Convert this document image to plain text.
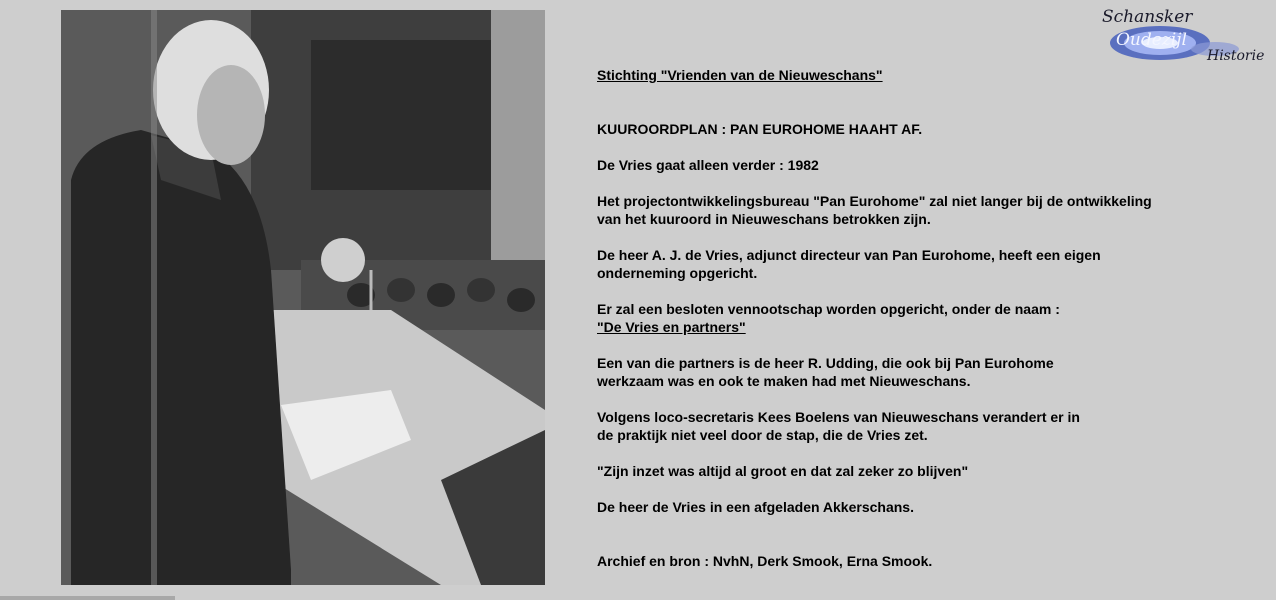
Schansker
Oudezijl
Historie
Stichting "Vrienden van de Nieuweschans"
KUUROORDPLAN : PAN EUROHOME HAAHT AF.
De Vries gaat alleen verder : 1982
Het projectontwikkelingsbureau "Pan Eurohome" zal niet langer bij de ontwikkeling
van het kuuroord in Nieuweschans betrokken zijn.
De heer A. J. de Vries, adjunct directeur van Pan Eurohome, heeft een eigen
onderneming opgericht.
Er zal een besloten vennootschap worden opgericht, onder de naam :
"De Vries en partners"
Een van die partners is de heer R. Udding, die ook bij Pan Eurohome
werkzaam was en ook te maken had met Nieuweschans.
Volgens loco-secretaris Kees Boelens van Nieuweschans verandert er in
de praktijk niet veel door de stap, die de Vries zet.
"Zijn inzet was altijd al groot en dat zal zeker zo blijven"
De heer de Vries in een afgeladen Akkerschans.
Archief en bron : NvhN, Derk Smook, Erna Smook.
